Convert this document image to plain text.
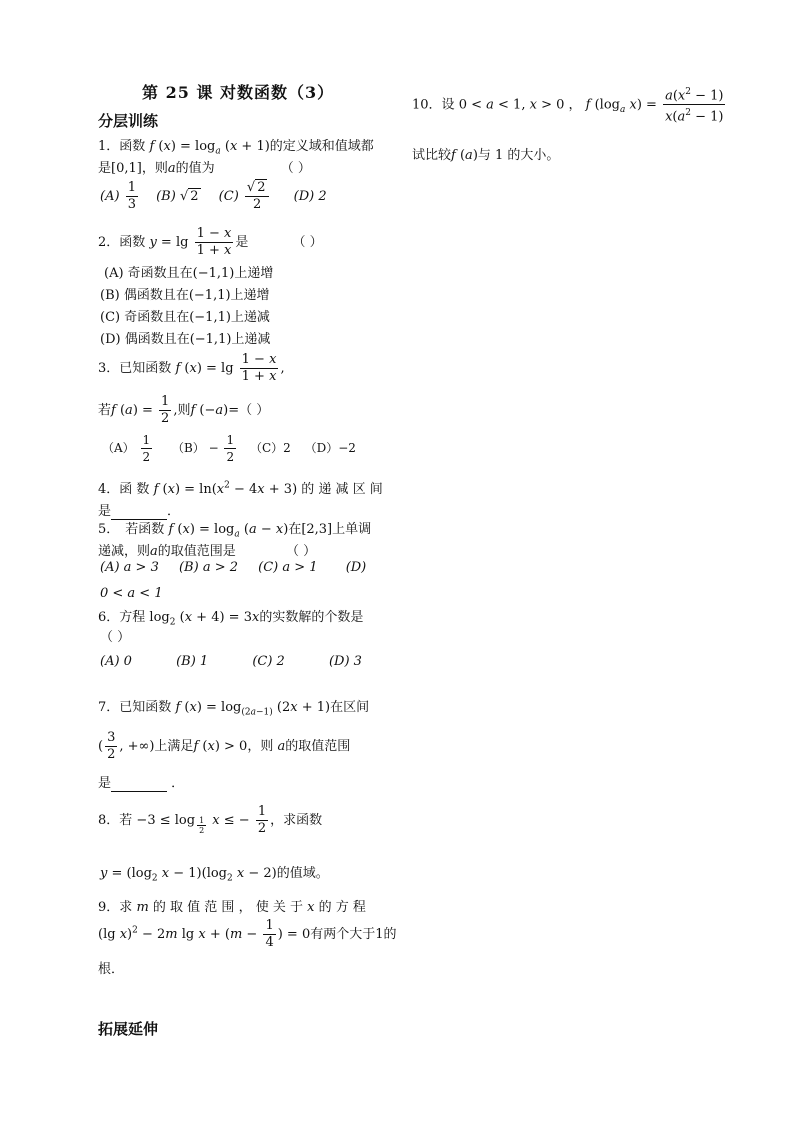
第 25 课 对数函数（3）
分层训练
1．函数 f $(x) = \log_a (x + 1)$的定义域和值域都
是[0,1]，则a的值为	（ ）
$(A) \frac{1}{3} (B)$ √ 2 $(C) \frac{√ 2}{2} (D)$ 2
2．函数 $y = \lg \frac{1 - x}{1 + x}$ 是	（ ）
(A) 奇函数且在(−1,1)上递增
(B) 偶函数且在(−1,1)上递增
(C) 奇函数且在(−1,1)上递减
(D) 偶函数且在(−1,1)上递减
3．已知函数 f $(x) = \lg \frac{1 - x}{1 + x}$ ,
若f $(a) = \frac{1}{2}$ ,则f (−a)=（ ）
$(A) \frac{1}{2} (B) - \frac{1}{2} (C)2$ （D）−2
4．函 数 f $(x) = \ln(x^2 - 4x + 3)$ 的 递 减 区 间
是	．
5． 若函数 f $(x) = \log_a (a - x)$在[2,3]上单调
递减，则a的取值范围是	（ ）
(A) a > 3 (B) a > 2 (C) a > 1 (D)
0 < a < 1
6．方程 $\log_2 (x + 4) = 3x$的实数解的个数是
（ ）
(A) 0	(B) 1	(C) 2	(D) 3
7．已知函数 f $(x) = \log_{(2a-1)} (2x + 1)$在区间
( $\frac{3}{2}$ , +∞)上满足f (x) > 0，则 a的取值范围
是	．
8．若 −3 ≤ log $_{\frac{1}{2}}$ x ≤ − $\frac{1}{2}$ ，求函数
$y = (\log_2$ $x - 1)(\log_2$ x − 2)的值域。
9．求 m 的 取 值 范 围 ， 使 关 于 x 的 方 程
(lg x)$^2$ − 2m $\lg x + (m - \frac{1}{4}$ ) = 0有两个大于1的
根．
拓展延伸
10．设 0 < a < 1, x > 0 ， f ($\log_a$ $x) = \frac{a(x^2 - 1)}{x(a^2 - 1)}$
试比较f (a)与 1 的大小。
